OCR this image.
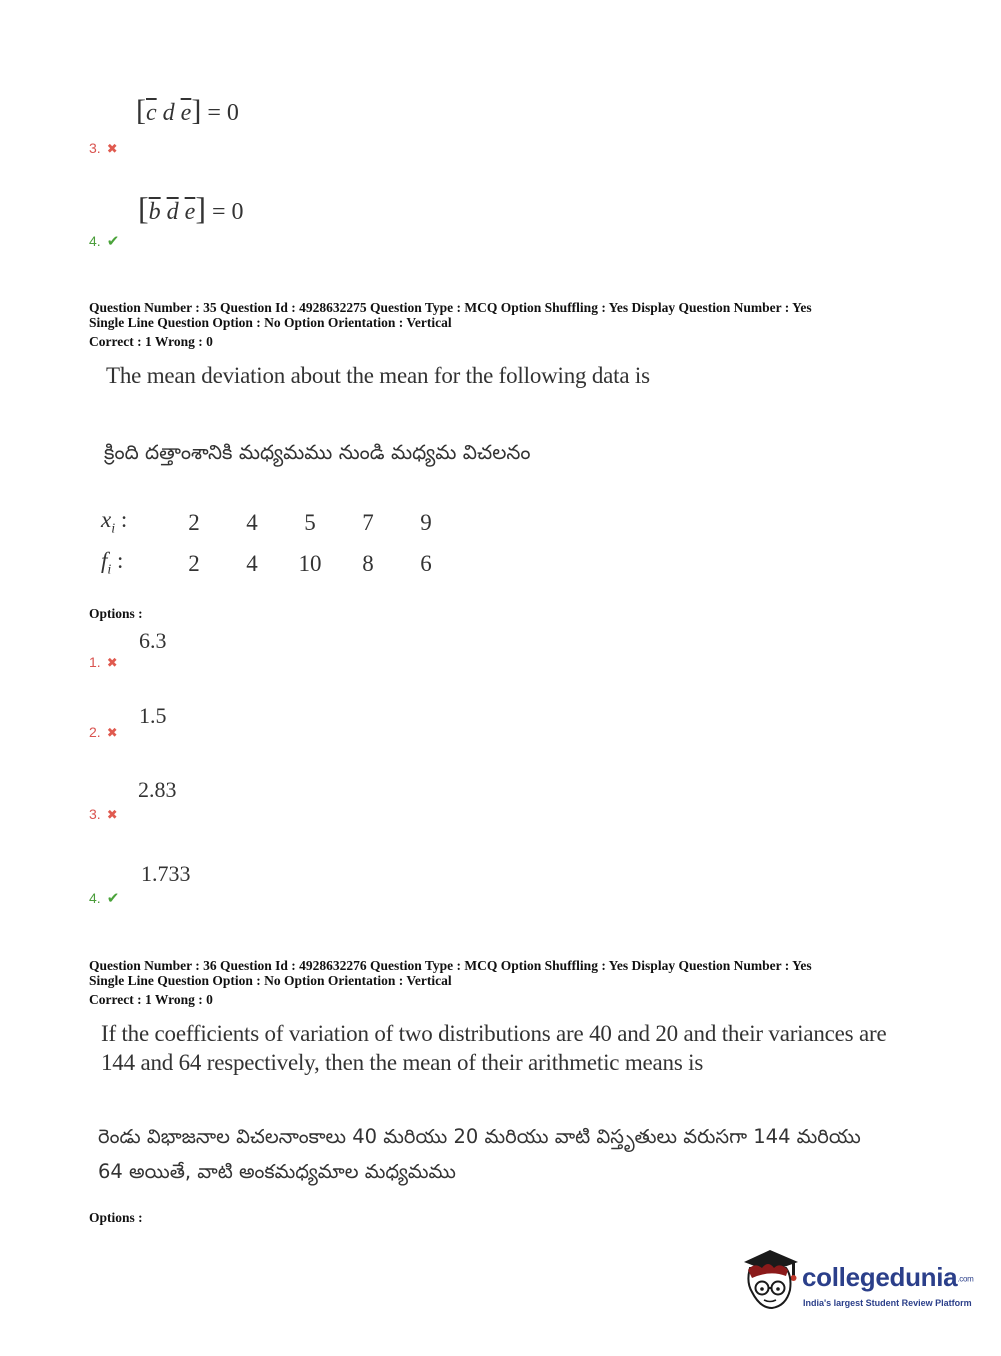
[$\overline{c}$ d $\overline{e}] = 0$
3. ✖
[$\overline{b}$ $\overline{d}$ $\overline{e}] = 0$
4. ✔
Question Number : 35 Question Id : 4928632275 Question Type : MCQ Option Shuffling : Yes Display Question Number : Yes
Single Line Question Option : No Option Orientation : Vertical
Correct : 1 Wrong : 0
The mean deviation about the mean for the following data is
క్రింది దత్తాంశానికి మధ్యమము నుండి మధ్యమ విచలనం
$x_i$ :	2	4	5	7	9
$f_i$ :	2	4	10	8	6
Options :
6.3
1. ✖
1.5
2. ✖
2.83
3. ✖
1.733
4. ✔
Question Number : 36 Question Id : 4928632276 Question Type : MCQ Option Shuffling : Yes Display Question Number : Yes
Single Line Question Option : No Option Orientation : Vertical
Correct : 1 Wrong : 0
If the coefficients of variation of two distributions are 40 and 20 and their variances are
144 and 64 respectively, then the mean of their arithmetic means is
రెండు విభాజనాల విచలనాంకాలు 40 మరియు 20 మరియు వాటి విస్తృతులు వరుసగా 144 మరియు
64 అయితే, వాటి అంకమధ్యమాల మధ్యమము
Options :
collegedunia.com
India's largest Student Review Platform
